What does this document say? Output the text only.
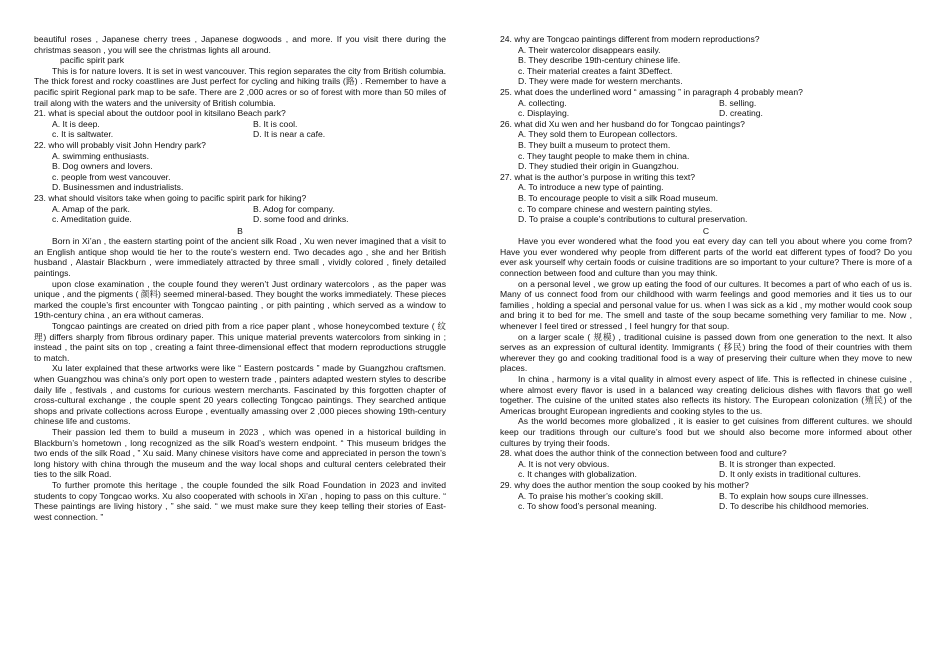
beautiful roses , Japanese cherry trees , Japanese dogwoods , and more. If you visit there during the christmas season , you will see the christmas lights all around.

pacific spirit park

This is for nature lovers. It is set in west vancouver. This region separates the city from British columbia. The thick forest and rocky coastlines are Just perfect for cycling and hiking trails (路) . Remember to have a pacific spirit Regional park map to be safe. There are 2 ,000 acres or so of forest with more than 50 miles of trail along with the waters and the university of British columbia.

21. what is special about the outdoor pool in kitsilano Beach park?

A. It is deep.	B. It is cool.
c. It is saltwater.	D. It is near a cafe.

22. who will probably visit John Hendry park?

A. swimming enthusiasts.
B. Dog owners and lovers.
c. people from west vancouver.
D. Businessmen and industrialists.

23. what should visitors take when going to pacific spirit park for hiking?

A. Amap of the park.	B. Adog for company.
c. Ameditation guide.	D. some food and drinks.

B

Born in Xi’an , the eastern starting point of the ancient silk Road , Xu wen never imagined that a visit to an English antique shop would tie her to the route’s western end. Two decades ago , she and her British husband , Alastair Blackburn , were immediately attracted by three small , vividly colored , finely detailed paintings.

upon close examination , the couple found they weren’t Just ordinary watercolors , as the paper was unique , and the pigments ( 颜料) seemed mineral-based. They bought the works immediately. These pieces marked the couple’s first encounter with Tongcao painting , or pith painting , which served as a window to 19th-century china , an era without cameras.

Tongcao paintings are created on dried pith from a rice paper plant , whose honeycombed texture ( 纹理) differs sharply from fibrous ordinary paper. This unique material prevents watercolors from sinking in ; instead , the paint sits on top , creating a faint three-dimensional effect that modern reproductions struggle to match.

Xu later explained that these artworks were like “ Eastern postcards ” made by Guangzhou craftsmen. when Guangzhou was china’s only port open to western trade , painters adapted western styles to describe daily life , festivals , and customs for curious western merchants. Fascinated by this forgotten chapter of cross-cultural exchange , the couple spent 20 years collecting Tongcao paintings. They searched antique shops and private collections across Europe , eventually amassing over 2 ,000 pieces showing 19th-century chinese life and customs.

Their passion led them to build a museum in 2023 , which was opened in a historical building in Blackburn’s hometown , long recognized as the silk Road’s western endpoint. “ This museum bridges the two ends of the silk Road , ” Xu said. Many chinese visitors have come and appreciated in person the town’s long history with china through the museum and the way local shops and cultural centers celebrated their ties to the silk Road.

To further promote this heritage , the couple founded the silk Road Foundation in 2023 and invited students to copy Tongcao works. Xu also cooperated with schools in Xi’an , hoping to pass on this culture. “ These paintings are living history , ” she said. “ we must make sure they keep telling their stories of East-west connection. ”

24. why are Tongcao paintings different from modern reproductions?

A. Their watercolor disappears easily.
B. They describe 19th-century chinese life.
c. Their material creates a faint 3Deffect.
D. They were made for western merchants.

25. what does the underlined word “ amassing ” in paragraph 4 probably mean?

A. collecting.	B. selling.
c. Displaying.	D. creating.

26. what did Xu wen and her husband do for Tongcao paintings?

A. They sold them to European collectors.
B. They built a museum to protect them.
c. They taught people to make them in china.
D. They studied their origin in Guangzhou.

27. what is the author’s purpose in writing this text?

A. To introduce a new type of painting.
B. To encourage people to visit a silk Road museum.
c. To compare chinese and western painting styles.
D. To praise a couple’s contributions to cultural preservation.

C

Have you ever wondered what the food you eat every day can tell you about where you come from? Have you ever wondered why people from different parts of the world eat different types of food? Do you ever ask yourself why certain foods or cuisine traditions are so important to your culture? There is more of a connection between food and culture than you may think.

on a personal level , we grow up eating the food of our cultures. It becomes a part of who each of us is. Many of us connect food from our childhood with warm feelings and good memories and it ties us to our families , holding a special and personal value for us. when I was sick as a kid , my mother would cook soup and bring it to bed for me. The smell and taste of the soup became something very familiar to me. Now , whenever I feel tired or stressed , I feel hungry for that soup.

on a larger scale ( 规模) , traditional cuisine is passed down from one generation to the next. It also serves as an expression of cultural identity. Immigrants ( 移民) bring the food of their countries with them wherever they go and cooking traditional food is a way of preserving their culture when they move to new places.

In china , harmony is a vital quality in almost every aspect of life. This is reflected in chinese cuisine , where almost every flavor is used in a balanced way creating delicious dishes with flavors that go well together. The cuisine of the united states also reflects its history. The European colonization (殖民) of the Americas brought European ingredients and cooking styles to the us.

As the world becomes more globalized , it is easier to get cuisines from different cultures. we should keep our traditions through our culture’s food but we should also become more informed about other cultures by trying their foods.

28. what does the author think of the connection between food and culture?

A. It is not very obvious.	B. It is stronger than expected.
c. It changes with globalization.	D. It only exists in traditional cultures.

29. why does the author mention the soup cooked by his mother?

A. To praise his mother’s cooking skill.	B. To explain how soups cure illnesses.
c. To show food’s personal meaning.	D. To describe his childhood memories.
